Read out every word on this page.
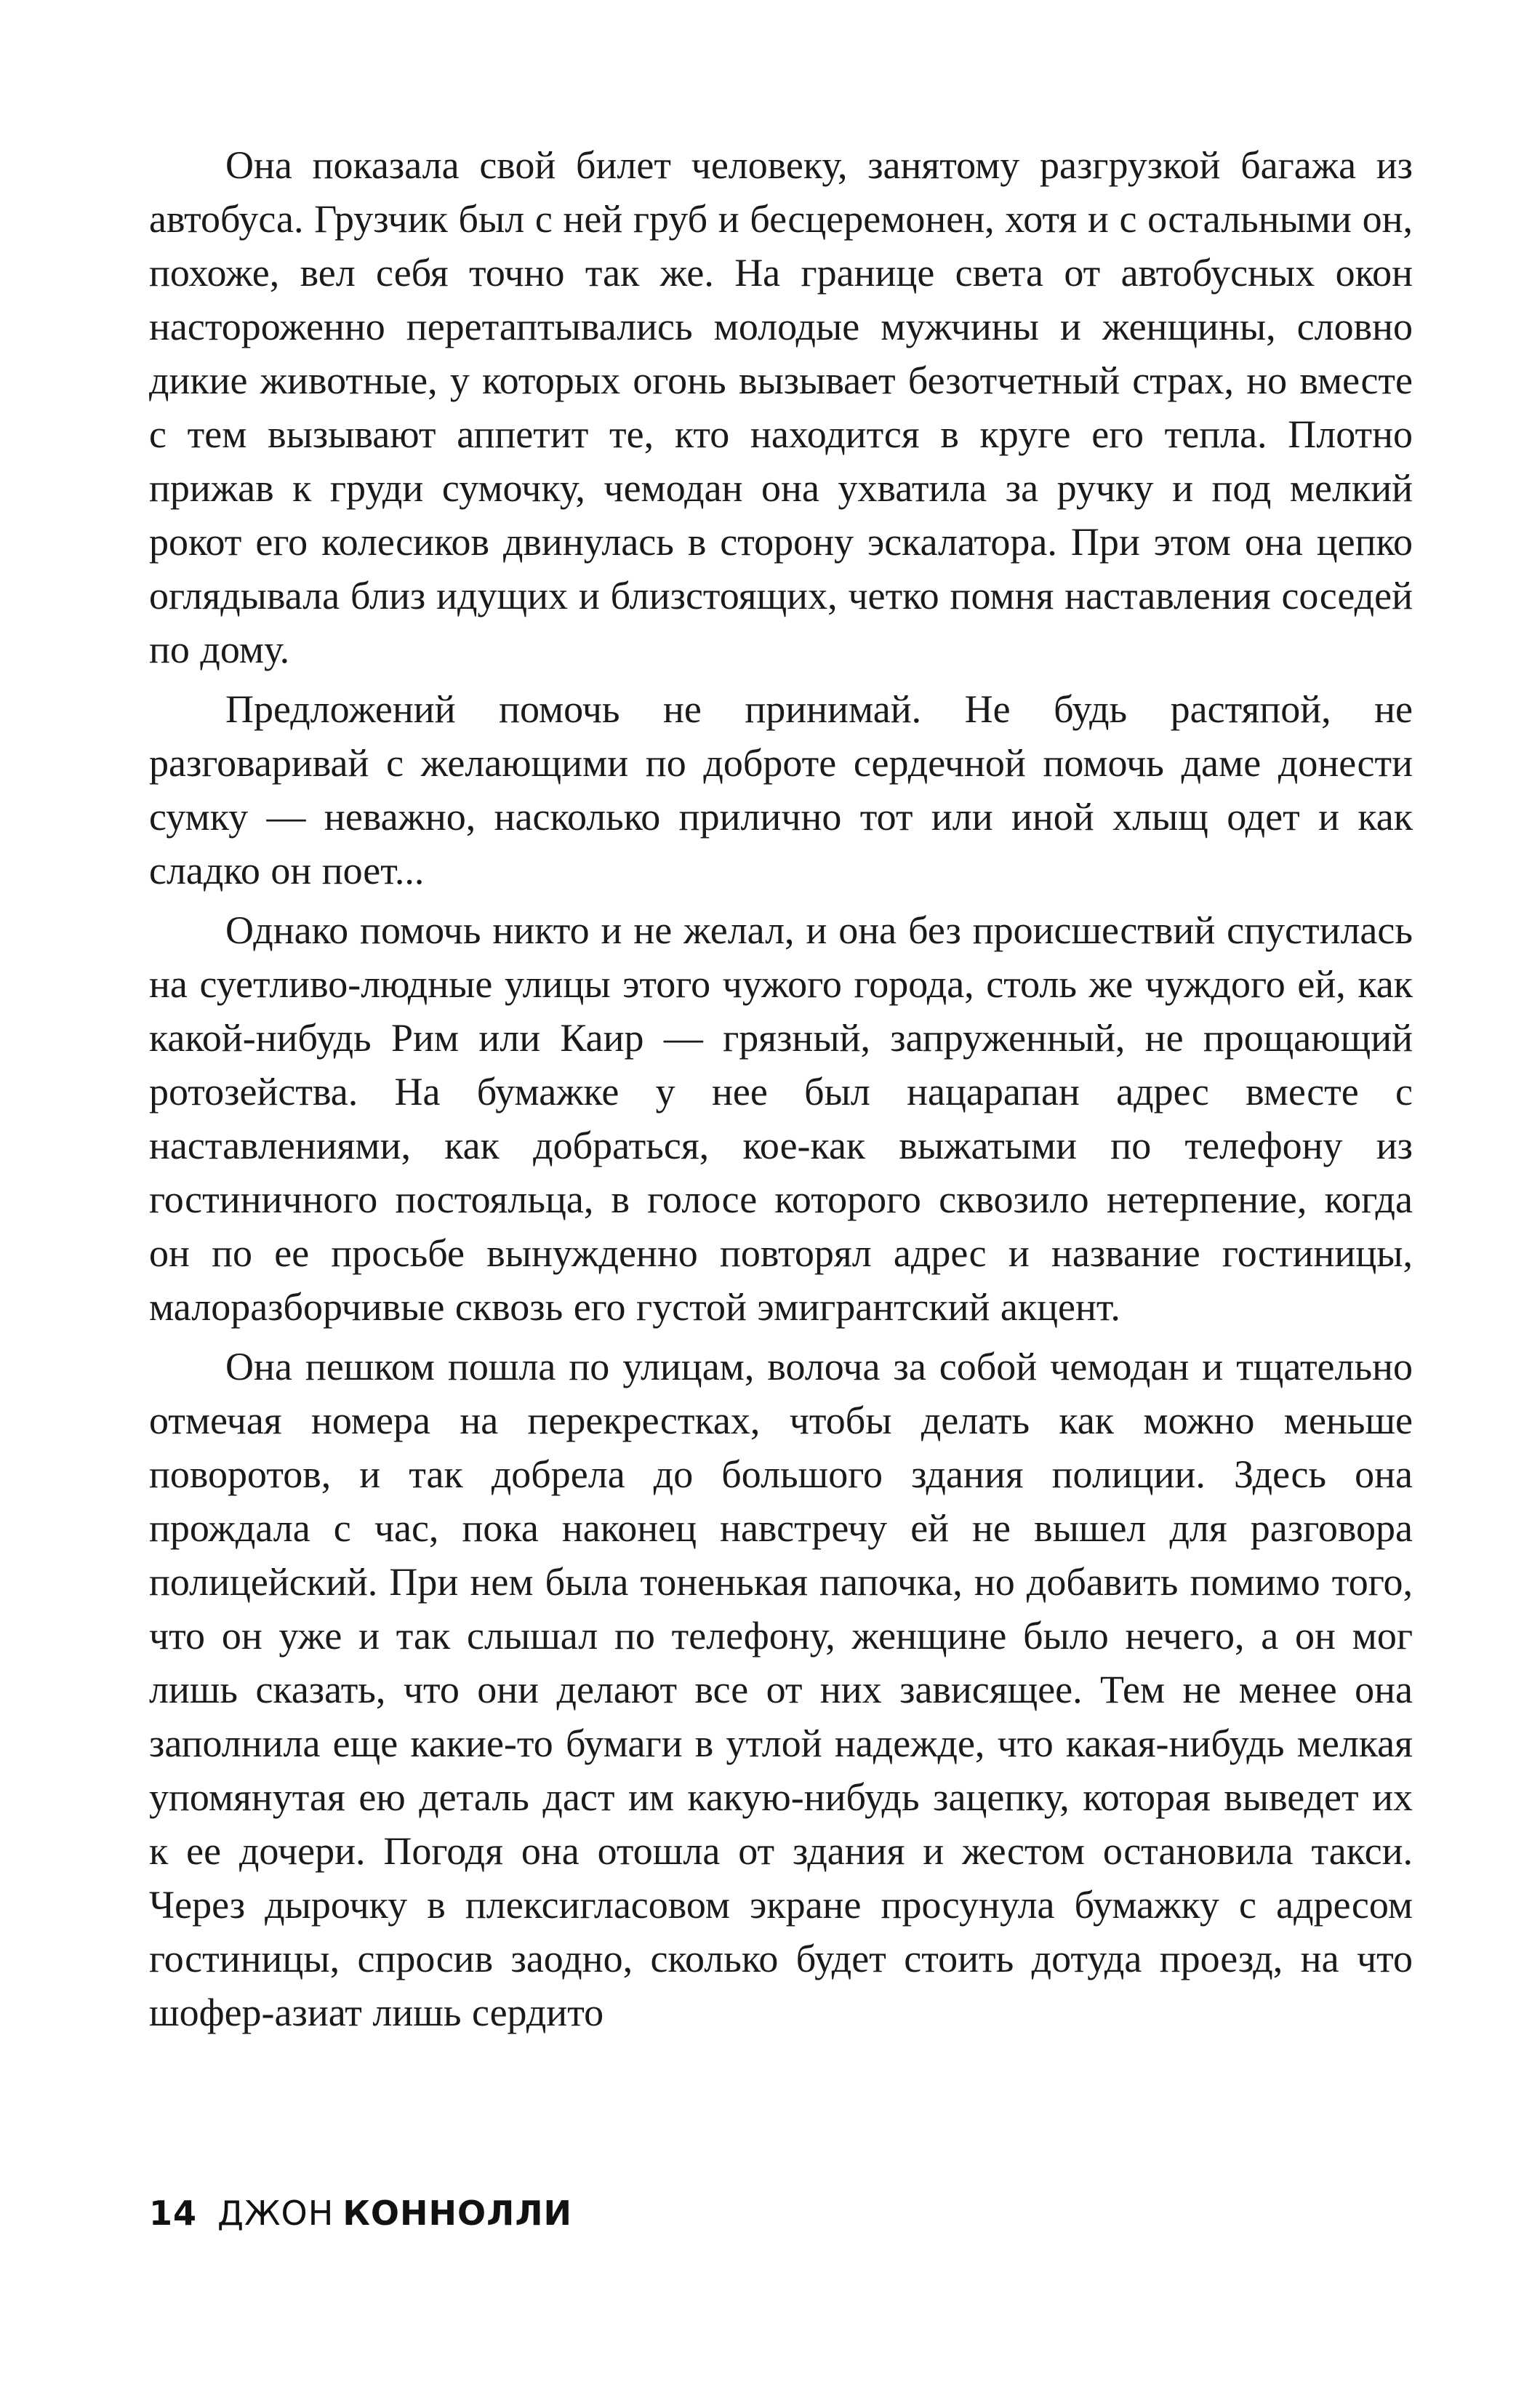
Она показала свой билет человеку, занятому разгрузкой багажа из автобуса. Грузчик был с ней груб и бесцеремонен, хотя и с остальными он, похоже, вел себя точно так же. На границе света от автобусных окон настороженно перетаптывались молодые мужчины и женщины, словно дикие животные, у которых огонь вызывает безотчетный страх, но вместе с тем вызывают аппетит те, кто находится в круге его тепла. Плотно прижав к груди сумочку, чемодан она ухватила за ручку и под мелкий рокот его колесиков двинулась в сторону эскалатора. При этом она цепко оглядывала близ идущих и близстоящих, четко помня наставления соседей по дому.

Предложений помочь не принимай. Не будь растяпой, не разговаривай с желающими по доброте сердечной помочь даме донести сумку — неважно, насколько прилично тот или иной хлыщ одет и как сладко он поет...

Однако помочь никто и не желал, и она без происшествий спустилась на суетливо-людные улицы этого чужого города, столь же чуждого ей, как какой-нибудь Рим или Каир — грязный, запруженный, не прощающий ротозейства. На бумажке у нее был нацарапан адрес вместе с наставлениями, как добраться, кое-как выжатыми по телефону из гостиничного постояльца, в голосе которого сквозило нетерпение, когда он по ее просьбе вынужденно повторял адрес и название гостиницы, малоразборчивые сквозь его густой эмигрантский акцент.

Она пешком пошла по улицам, волоча за собой чемодан и тщательно отмечая номера на перекрестках, чтобы делать как можно меньше поворотов, и так добрела до большого здания полиции. Здесь она прождала с час, пока наконец навстречу ей не вышел для разговора полицейский. При нем была тоненькая папочка, но добавить помимо того, что он уже и так слышал по телефону, женщине было нечего, а он мог лишь сказать, что они делают все от них зависящее. Тем не менее она заполнила еще какие-то бумаги в утлой надежде, что какая-нибудь мелкая упомянутая ею деталь даст им какую-нибудь зацепку, которая выведет их к ее дочери. Погодя она отошла от здания и жестом остановила такси. Через дырочку в плексигласовом экране просунула бумажку с адресом гостиницы, спросив заодно, сколько будет стоить дотуда проезд, на что шофер-азиат лишь сердито

14 ДЖОН КОННОЛЛИ
